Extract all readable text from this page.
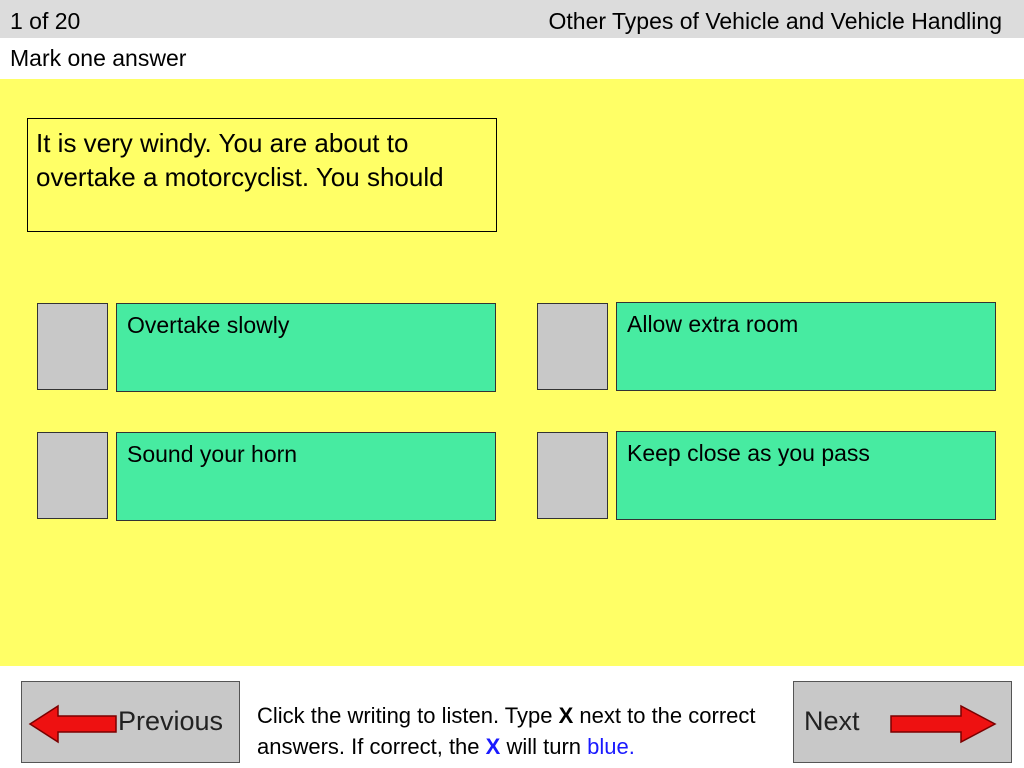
1 of 20	Other Types of Vehicle and Vehicle Handling
Mark one answer
It is very windy. You are about to overtake a motorcyclist. You should
Overtake slowly	Allow extra room
Sound your horn	Keep close as you pass
Previous Click the writing to listen. Type X next to the correct answers. If correct, the X will turn blue.
Next
